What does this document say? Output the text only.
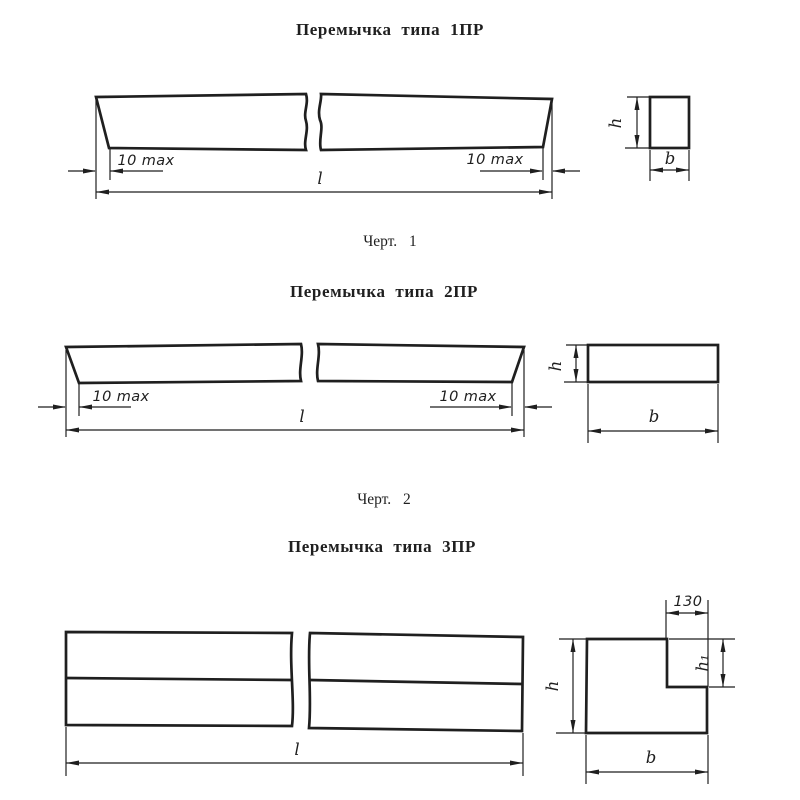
Перемычка типа 1ПР
10 max	10 max
l
h
b
Черт. 1
Перемычка типа 2ПР
10 max	10 max
l
h
b
Черт. 2
Перемычка типа 3ПР
l
130
h₁
h
b
